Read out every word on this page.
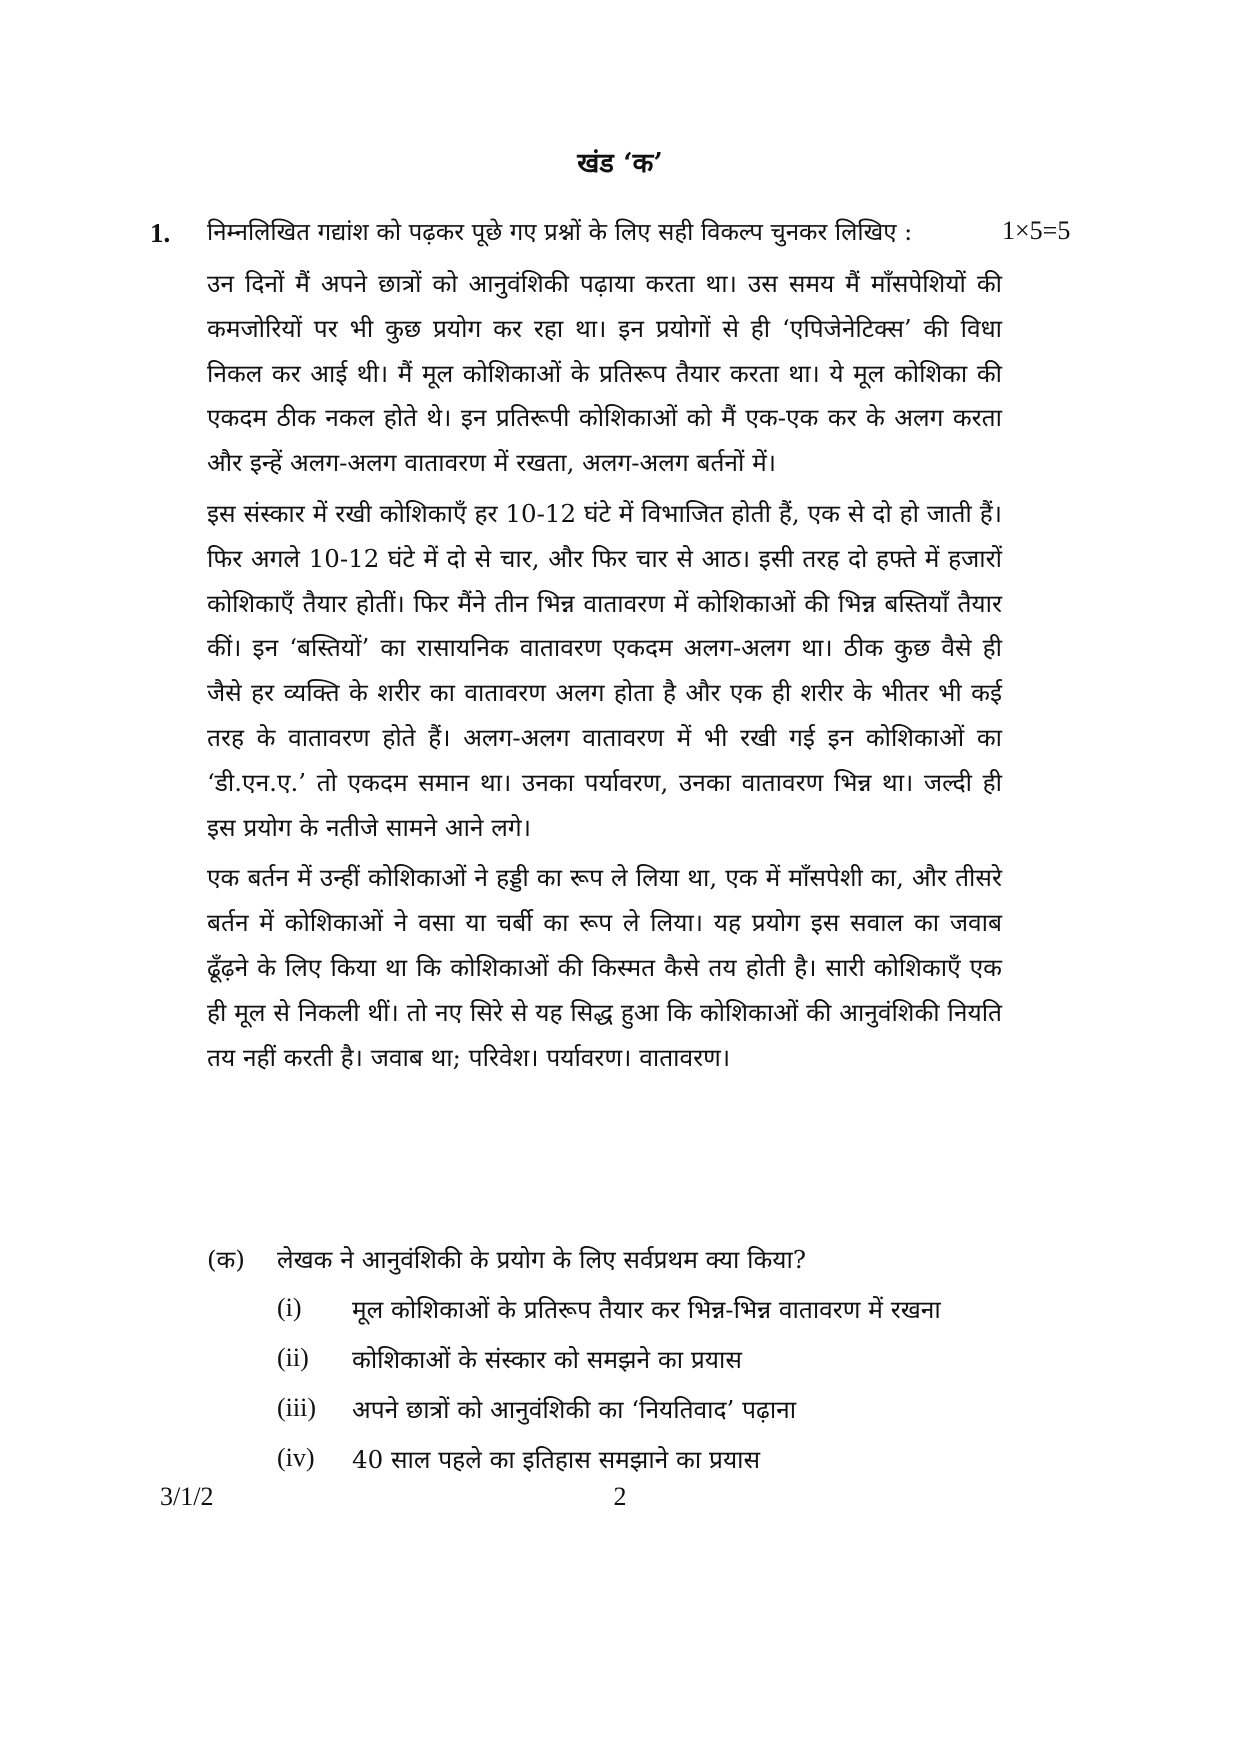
खंड ‘क’
1. निम्नलिखित गद्यांश को पढ़कर पूछे गए प्रश्नों के लिए सही विकल्प चुनकर लिखिए :	1×5=5

उन दिनों मैं अपने छात्रों को आनुवंशिकी पढ़ाया करता था। उस समय मैं माँसपेशियों की कमजोरियों पर भी कुछ प्रयोग कर रहा था। इन प्रयोगों से ही ‘एपिजेनेटिक्स’ की विधा निकल कर आई थी। मैं मूल कोशिकाओं के प्रतिरूप तैयार करता था। ये मूल कोशिका की एकदम ठीक नकल होते थे। इन प्रतिरूपी कोशिकाओं को मैं एक-एक कर के अलग करता और इन्हें अलग-अलग वातावरण में रखता, अलग-अलग बर्तनों में।

इस संस्कार में रखी कोशिकाएँ हर 10-12 घंटे में विभाजित होती हैं, एक से दो हो जाती हैं। फिर अगले 10-12 घंटे में दो से चार, और फिर चार से आठ। इसी तरह दो हफ्ते में हजारों कोशिकाएँ तैयार होतीं। फिर मैंने तीन भिन्न वातावरण में कोशिकाओं की भिन्न बस्तियाँ तैयार कीं। इन ‘बस्तियों’ का रासायनिक वातावरण एकदम अलग-अलग था। ठीक कुछ वैसे ही जैसे हर व्यक्ति के शरीर का वातावरण अलग होता है और एक ही शरीर के भीतर भी कई तरह के वातावरण होते हैं। अलग-अलग वातावरण में भी रखी गई इन कोशिकाओं का ‘डी.एन.ए.’ तो एकदम समान था। उनका पर्यावरण, उनका वातावरण भिन्न था। जल्दी ही इस प्रयोग के नतीजे सामने आने लगे।

एक बर्तन में उन्हीं कोशिकाओं ने हड्डी का रूप ले लिया था, एक में माँसपेशी का, और तीसरे बर्तन में कोशिकाओं ने वसा या चर्बी का रूप ले लिया। यह प्रयोग इस सवाल का जवाब ढूँढ़ने के लिए किया था कि कोशिकाओं की किस्मत कैसे तय होती है। सारी कोशिकाएँ एक ही मूल से निकली थीं। तो नए सिरे से यह सिद्ध हुआ कि कोशिकाओं की आनुवंशिकी नियति तय नहीं करती है। जवाब था; परिवेश। पर्यावरण। वातावरण।

(क) लेखक ने आनुवंशिकी के प्रयोग के लिए सर्वप्रथम क्या किया?
(i) मूल कोशिकाओं के प्रतिरूप तैयार कर भिन्न-भिन्न वातावरण में रखना
(ii) कोशिकाओं के संस्कार को समझने का प्रयास
(iii) अपने छात्रों को आनुवंशिकी का ‘नियतिवाद’ पढ़ाना
(iv) 40 साल पहले का इतिहास समझाने का प्रयास
3/1/2	2
